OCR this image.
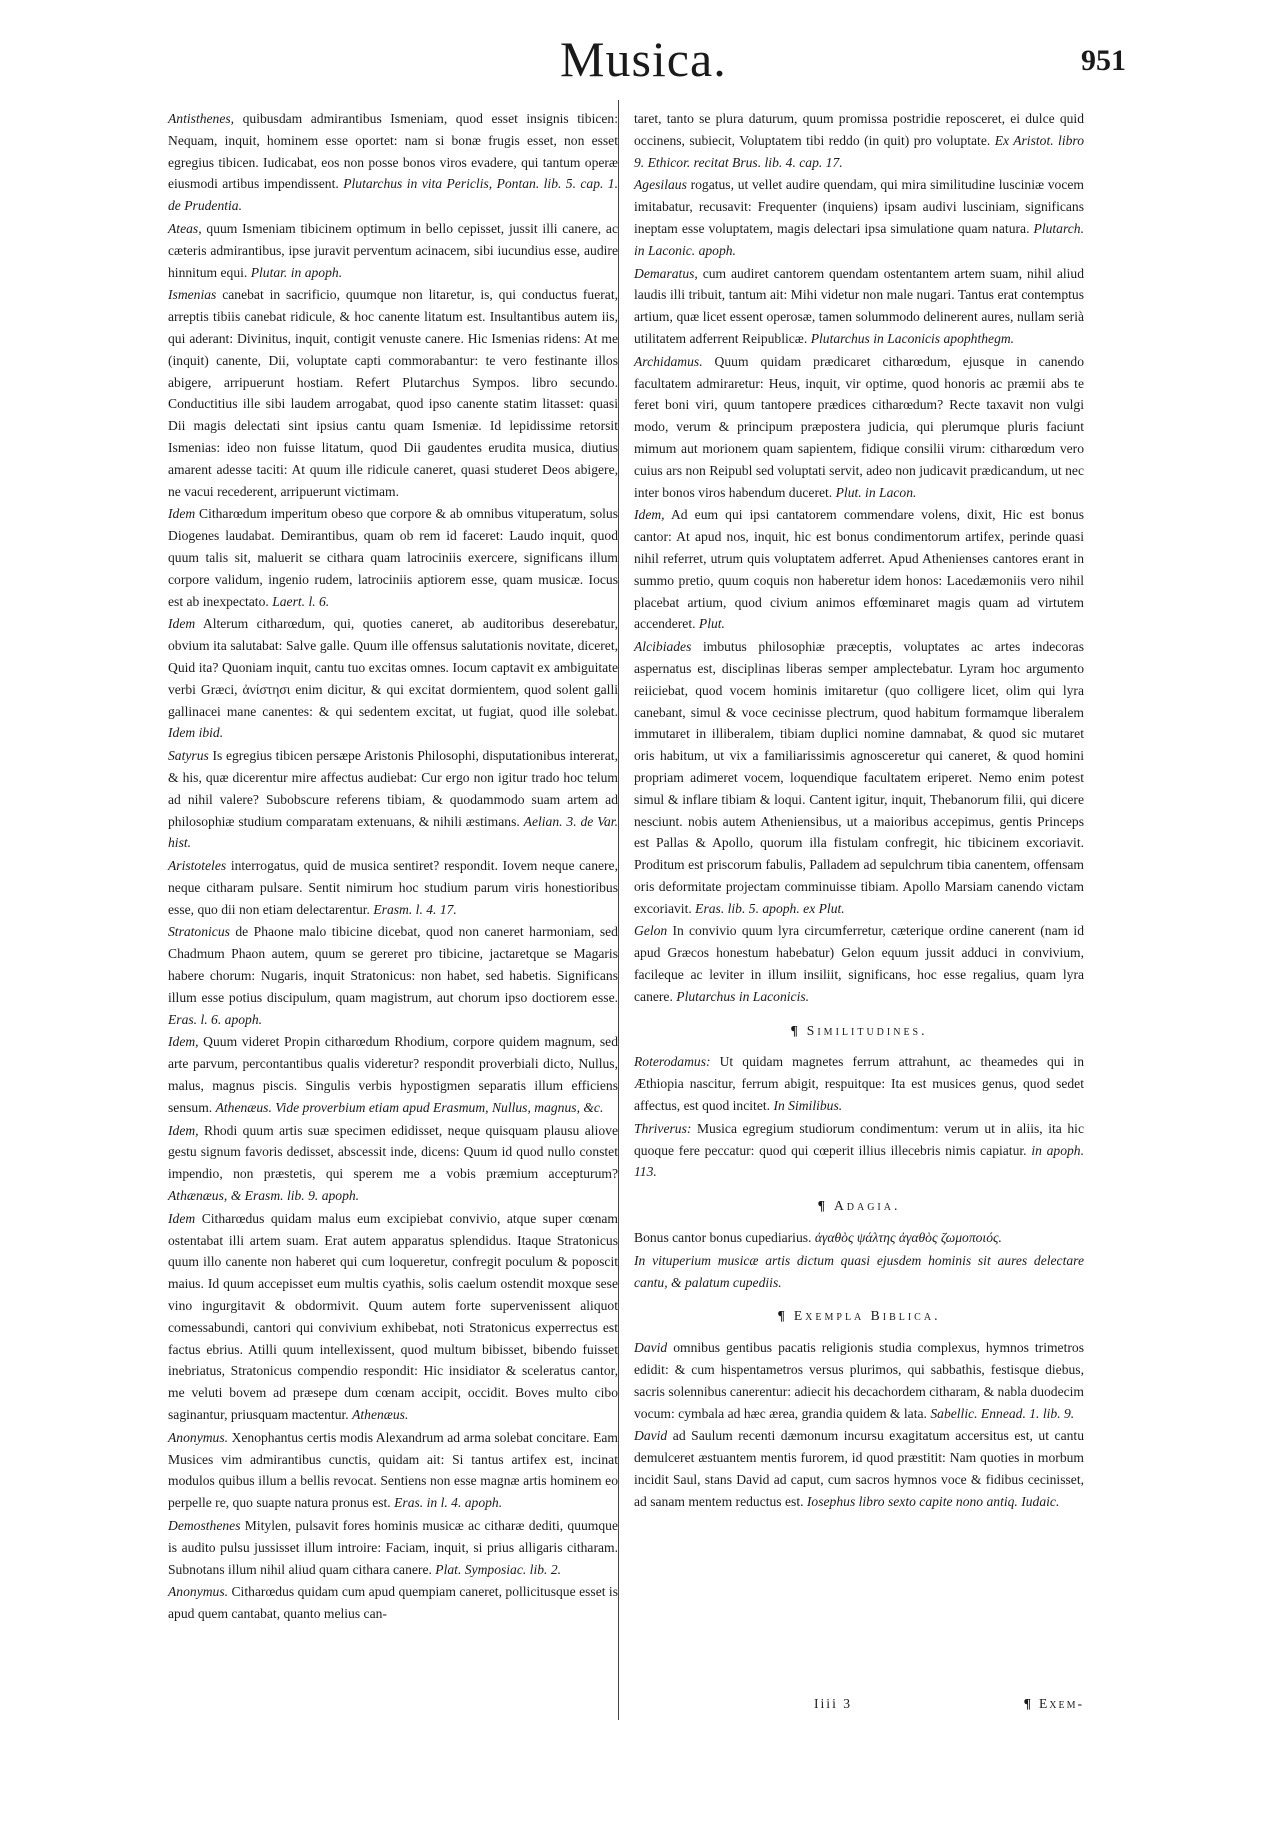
Musica.	951

Antisthenes, quibusdam admirantibus Ismeniam, quod esset insignis tibicen: Nequam, inquit, hominem esse oportet: nam si bonæ frugis esset, non esset egregius tibicen. Iudicabat, eos non posse bonos viros evadere, qui tantum operæ eiusmodi artibus impendissent. Plutarchus in vita Periclis, Pontan. lib. 5. cap. 1. de Prudentia.

Ateas, quum Ismeniam tibicinem optimum in bello cepisset, jussit illi canere, ac cæteris admirantibus, ipse juravit perventum acinacem, sibi iucundius esse, audire hinnitum equi. Plutar. in apoph.

Ismenias canebat in sacrificio, quumque non litaretur, is, qui conductus fuerat, arreptis tibiis canebat ridicule, & hoc canente litatum est. Insultantibus autem iis, qui aderant: Divinitus, inquit, contigit venuste canere. Hic Ismenias ridens: At me (inquit) canente, Dii, voluptate capti commorabantur: te vero festinante illos abigere, arripuerunt hostiam. Refert Plutarchus Sympos. libro secundo. Conductitius ille sibi laudem arrogabat, quod ipso canente statim litasset: quasi Dii magis delectati sint ipsius cantu quam Ismeniæ. Id lepidissime retorsit Ismenias: ideo non fuisse litatum, quod Dii gaudentes erudita musica, diutius amarent adesse taciti: At quum ille ridicule caneret, quasi studeret Deos abigere, ne vacui recederent, arripuerunt victimam.

Idem Citharœdum imperitum obeso que corpore & ab omnibus vituperatum, solus Diogenes laudabat. Demirantibus, quam ob rem id faceret: Laudo inquit, quod quum talis sit, maluerit se cithara quam latrociniis exercere, significans illum corpore validum, ingenio rudem, latrociniis aptiorem esse, quam musicæ. Iocus est ab inexpectato. Laert. l. 6.

Idem Alterum citharœdum, qui, quoties caneret, ab auditoribus deserebatur, obvium ita salutabat: Salve galle. Quum ille offensus salutationis novitate, diceret, Quid ita? Quoniam inquit, cantu tuo excitas omnes. Iocum captavit ex ambiguitate verbi Græci, ἀνίστησι enim dicitur, & qui excitat dormientem, quod solent galli gallinacei mane canentes: & qui sedentem excitat, ut fugiat, quod ille solebat. Idem ibid.

Satyrus Is egregius tibicen persæpe Aristonis Philosophi, disputationibus intererat, & his, quæ dicerentur mire affectus audiebat: Cur ergo non igitur trado hoc telum ad nihil valere? Subobscure referens tibiam, & quodammodo suam artem ad philosophiæ studium comparatam extenuans, & nihili æstimans. Aelian. 3. de Var. hist.

Aristoteles interrogatus, quid de musica sentiret? respondit. Iovem neque canere, neque citharam pulsare. Sentit nimirum hoc studium parum viris honestioribus esse, quo dii non etiam delectarentur. Erasm. l. 4. 17.

Stratonicus de Phaone malo tibicine dicebat, quod non caneret harmoniam, sed Chadmum Phaon autem, quum se gereret pro tibicine, jactaretque se Magaris habere chorum: Nugaris, inquit Stratonicus: non habet, sed habetis. Significans illum esse potius discipulum, quam magistrum, aut chorum ipso doctiorem esse. Eras. l. 6. apoph.

Idem, Quum videret Propin citharœdum Rhodium, corpore quidem magnum, sed arte parvum, percontantibus qualis videretur? respondit proverbiali dicto, Nullus, malus, magnus piscis. Singulis verbis hypostigmen separatis illum efficiens sensum. Athenæus. Vide proverbium etiam apud Erasmum, Nullus, magnus, &c.

Idem, Rhodi quum artis suæ specimen edidisset, neque quisquam plausu aliove gestu signum favoris dedisset, abscessit inde, dicens: Quum id quod nullo constet impendio, non præstetis, qui sperem me a vobis præmium accepturum? Athænæus, & Erasm. lib. 9. apoph.

Idem Citharœdus quidam malus eum excipiebat convivio, atque super cœnam ostentabat illi artem suam. Erat autem apparatus splendidus. Itaque Stratonicus quum illo canente non haberet qui cum loqueretur, confregit poculum & poposcit maius. Id quum accepisset eum multis cyathis, solis caelum ostendit moxque sese vino ingurgitavit & obdormivit. Quum autem forte supervenissent aliquot comessabundi, cantori qui convivium exhibebat, noti Stratonicus experrectus est factus ebrius. Atilli quum intellexissent, quod multum bibisset, bibendo fuisset inebriatus, Stratonicus compendio respondit: Hic insidiator & sceleratus cantor, me veluti bovem ad præsepe dum cœnam accipit, occidit. Boves multo cibo saginantur, priusquam mactentur. Athenæus.

Anonymus. Xenophantus certis modis Alexandrum ad arma solebat concitare. Eam Musices vim admirantibus cunctis, quidam ait: Si tantus artifex est, incinat modulos quibus illum a bellis revocat. Sentiens non esse magnæ artis hominem eo perpelle re, quo suapte natura pronus est. Eras. in l. 4. apoph.

Demosthenes Mitylen, pulsavit fores hominis musicæ ac citharæ dediti, quumque is audito pulsu jussisset illum introire: Faciam, inquit, si prius alligaris citharam. Subnotans illum nihil aliud quam cithara canere. Plat. Symposiac. lib. 2.

Anonymus. Citharœdus quidam cum apud quempiam caneret, pollicitusque esset is apud quem cantabat, quanto melius can-

taret, tanto se plura daturum, quum promissa postridie reposceret, ei dulce quid occinens, subiecit, Voluptatem tibi reddo (in quit) pro voluptate. Ex Aristot. libro 9. Ethicor. recitat Brus. lib. 4. cap. 17.

Agesilaus rogatus, ut vellet audire quendam, qui mira similitudine lusciniæ vocem imitabatur, recusavit: Frequenter (inquiens) ipsam audivi lusciniam, significans ineptam esse voluptatem, magis delectari ipsa simulatione quam natura. Plutarch. in Laconic. apoph.

Demaratus, cum audiret cantorem quendam ostentantem artem suam, nihil aliud laudis illi tribuit, tantum ait: Mihi videtur non male nugari. Tantus erat contemptus artium, quæ licet essent operosæ, tamen solummodo delinerent aures, nullam serià utilitatem adferrent Reipublicæ. Plutarchus in Laconicis apophthegm.

Archidamus. Quum quidam prædicaret citharœdum, ejusque in canendo facultatem admiraretur: Heus, inquit, vir optime, quod honoris ac præmii abs te feret boni viri, quum tantopere prædices citharœdum? Recte taxavit non vulgi modo, verum & principum præpostera judicia, qui plerumque pluris faciunt mimum aut morionem quam sapientem, fidique consilii virum: citharœdum vero cuius ars non Reipubl sed voluptati servit, adeo non judicavit prædicandum, ut nec inter bonos viros habendum duceret. Plut. in Lacon.

Idem, Ad eum qui ipsi cantatorem commendare volens, dixit, Hic est bonus cantor: At apud nos, inquit, hic est bonus condimentorum artifex, perinde quasi nihil referret, utrum quis voluptatem adferret. Apud Athenienses cantores erant in summo pretio, quum coquis non haberetur idem honos: Lacedæmoniis vero nihil placebat artium, quod civium animos effœminaret magis quam ad virtutem accenderet. Plut.

Alcibiades imbutus philosophiæ præceptis, voluptates ac artes indecoras aspernatus est, disciplinas liberas semper amplectebatur. Lyram hoc argumento reiiciebat, quod vocem hominis imitaretur (quo colligere licet, olim qui lyra canebant, simul & voce cecinisse plectrum, quod habitum formamque liberalem immutaret in illiberalem, tibiam duplici nomine damnabat, & quod sic mutaret oris habitum, ut vix a familiarissimis agnosceretur qui caneret, & quod homini propriam adimeret vocem, loquendique facultatem eriperet. Nemo enim potest simul & inflare tibiam & loqui. Cantent igitur, inquit, Thebanorum filii, qui dicere nesciunt. nobis autem Atheniensibus, ut a maioribus accepimus, gentis Princeps est Pallas & Apollo, quorum illa fistulam confregit, hic tibicinem excoriavit. Proditum est priscorum fabulis, Palladem ad sepulchrum tibia canentem, offensam oris deformitate projectam comminuisse tibiam. Apollo Marsiam canendo victam excoriavit. Eras. lib. 5. apoph. ex Plut.

Gelon In convivio quum lyra circumferretur, cæterique ordine canerent (nam id apud Græcos honestum habebatur) Gelon equum jussit adduci in convivium, facileque ac leviter in illum insiliit, significans, hoc esse regalius, quam lyra canere. Plutarchus in Laconicis.

¶ Similitudines.

Roterodamus: Ut quidam magnetes ferrum attrahunt, ac theamedes qui in Æthiopia nascitur, ferrum abigit, respuitque: Ita est musices genus, quod sedet affectus, est quod incitet. In Similibus.

Thriverus: Musica egregium studiorum condimentum: verum ut in aliis, ita hic quoque fere peccatur: quod qui cœperit illius illecebris nimis capiatur. in apoph. 113.

¶ Adagia.

Bonus cantor bonus cupediarius. ἀγαθὸς ψάλτης ἀγαθὸς ζωμοποιός.

In vituperium musicæ artis dictum quasi ejusdem hominis sit aures delectare cantu, & palatum cupediis.

¶ Exempla Biblica.

David omnibus gentibus pacatis religionis studia complexus, hymnos trimetros edidit: & cum hispentametros versus plurimos, qui sabbathis, festisque diebus, sacris solennibus canerentur: adiecit his decachordem citharam, & nabla duodecim vocum: cymbala ad hæc ærea, grandia quidem & lata. Sabellic. Ennead. 1. lib. 9.

David ad Saulum recenti dæmonum incursu exagitatum accersitus est, ut cantu demulceret æstuantem mentis furorem, id quod præstitit: Nam quoties in morbum incidit Saul, stans David ad caput, cum sacros hymnos voce & fidibus cecinisset, ad sanam mentem reductus est. Iosephus libro sexto capite nono antiq. Iudaic.

Iiii 3	¶ Exem-
